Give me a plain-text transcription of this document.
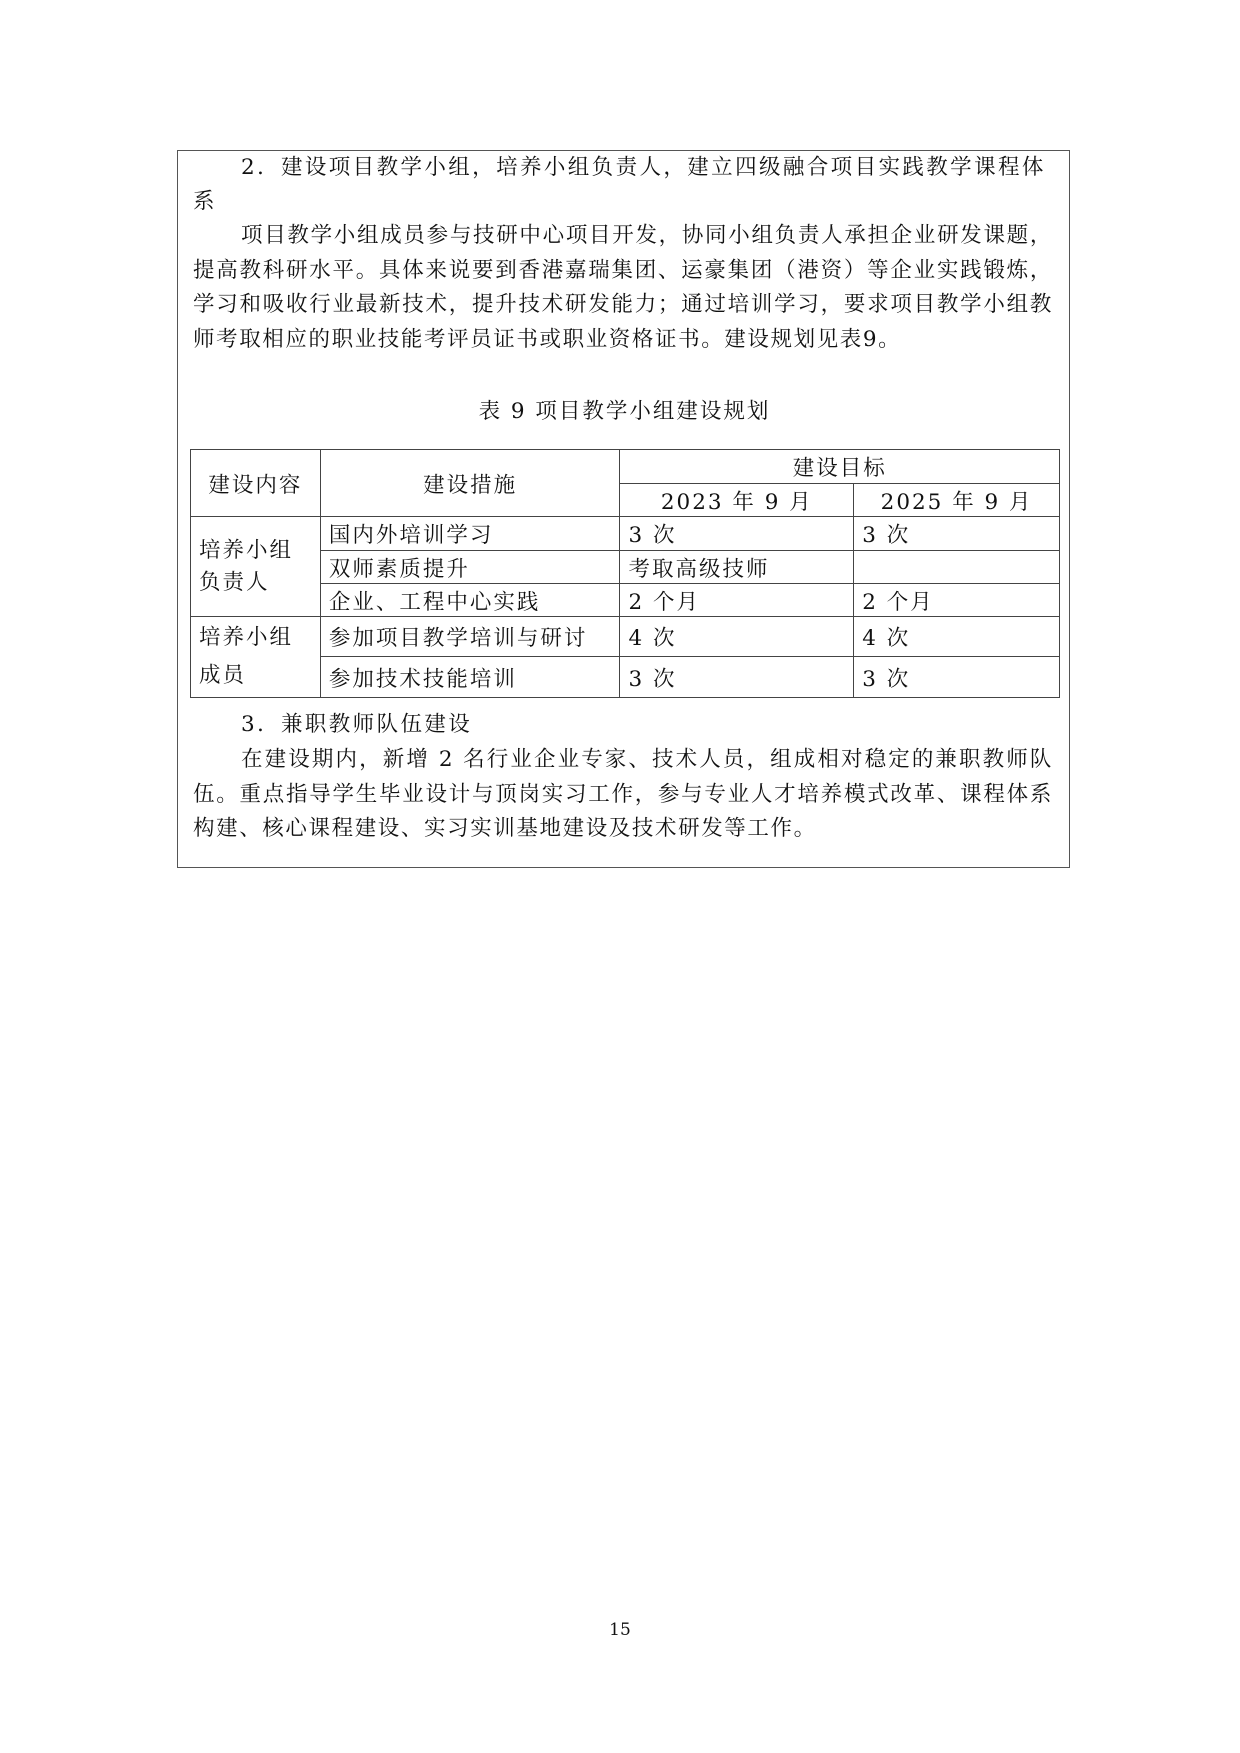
2．建设项目教学小组，培养小组负责人，建立四级融合项目实践教学课程体系
项目教学小组成员参与技研中心项目开发，协同小组负责人承担企业研发课题，提高教科研水平。具体来说要到香港嘉瑞集团、运豪集团（港资）等企业实践锻炼，学习和吸收行业最新技术，提升技术研发能力；通过培训学习，要求项目教学小组教师考取相应的职业技能考评员证书或职业资格证书。建设规划见表9。
表 9 项目教学小组建设规划
建设内容	建设措施	建设目标	
		2023 年 9 月	2025 年 9 月
培养小组负责人	国内外培训学习	3 次	3 次
	双师素质提升	考取高级技师	
	企业、工程中心实践	2 个月	2 个月
培养小组成员	参加项目教学培训与研讨	4 次	4 次
	参加技术技能培训	3 次	3 次
3．兼职教师队伍建设
在建设期内，新增 2 名行业企业专家、技术人员，组成相对稳定的兼职教师队伍。重点指导学生毕业设计与顶岗实习工作，参与专业人才培养模式改革、课程体系构建、核心课程建设、实习实训基地建设及技术研发等工作。
15
